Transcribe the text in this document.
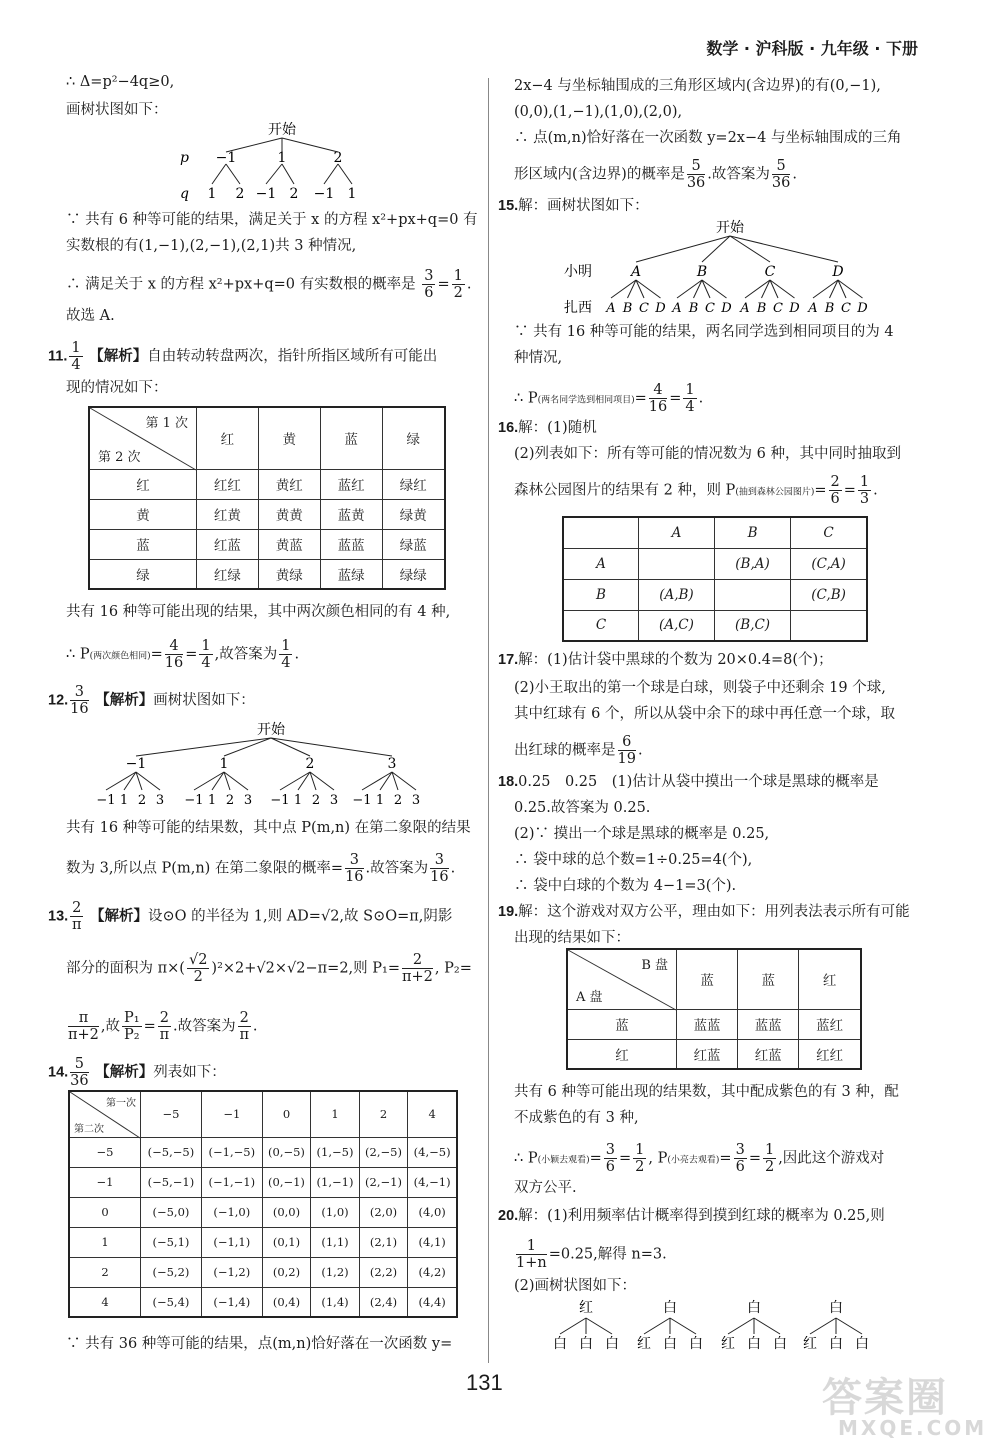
数学 · 沪科版 · 九年级 · 下册
∴ Δ=p²−4q≥0,
画树状图如下：
开始
p
q
−1	1	2
1 2 −1 2 −1 1
∵ 共有 6 种等可能的结果，满足关于 x 的方程 x²+px+q=0 有
实数根的有(1,−1),(2,−1),(2,1)共 3 种情况,
∴ 满足关于 x 的方程 x²+px+q=0 有实数根的概率是 $\frac{3}{6} = \frac{1}{2}$ .
故选 A.
11. $\frac{1}{4}$ 【解析】自由转动转盘两次，指针所指区域所有可能出
现的情况如下：
第 1 次
第 2 次	红	黄	蓝	绿
红	红红	黄红	蓝红	绿红
黄	红黄	黄黄	蓝黄	绿黄
蓝	红蓝	黄蓝	蓝蓝	绿蓝
绿	红绿	黄绿	蓝绿	绿绿
共有 16 种等可能出现的结果，其中两次颜色相同的有 4 种,
∴ P(两次颜色相同)= $\frac{4}{16} = \frac{1}{4}$ ,故答案为 $\frac{1}{4}$ .
12. $\frac{3}{16}$ 【解析】画树状图如下：
开始
−1
−1 1 2 3
1
−1 1 2 3
2
−1 1 2 3
3
−1 1 2 3
共有 16 种等可能的结果数，其中点 P(m,n) 在第二象限的结果
数为 3,所以点 P(m,n) 在第二象限的概率= $\frac{3}{16}$ .故答案为 $\frac{3}{16}$ .
13. $\frac{2}{\pi}$ 【解析】设⊙O 的半径为 1,则 AD=√2,故 S⊙O=π,阴影
部分的面积为 $\pi\times( \frac{√2}{2} )^2\times 2+√2\times√2-\pi=2$,则 $P_1= \frac{2}{\pi+2}$ , P₂=
$\frac{\pi}{\pi+2}$ ,故 $\frac{\text{P₁}}{\text{P₂}} = \frac{2}{\pi}$ .故答案为 $\frac{2}{\pi}$ .
14. $\frac{5}{36}$ 【解析】列表如下：
第一次
第二次	−5	−1	0	1	2	4
−5	(−5,−5)	(−1,−5)	(0,−5)	(1,−5)	(2,−5)	(4,−5)
−1	(−5,−1)	(−1,−1)	(0,−1)	(1,−1)	(2,−1)	(4,−1)
0	(−5,0)	(−1,0)	(0,0)	(1,0)	(2,0)	(4,0)
1	(−5,1)	(−1,1)	(0,1)	(1,1)	(2,1)	(4,1)
2	(−5,2)	(−1,2)	(0,2)	(1,2)	(2,2)	(4,2)
4	(−5,4)	(−1,4)	(0,4)	(1,4)	(2,4)	(4,4)
∵ 共有 36 种等可能的结果，点(m,n)恰好落在一次函数 y=
2x−4 与坐标轴围成的三角形区域内(含边界)的有(0,−1),
(0,0),(1,−1),(1,0),(2,0),
∴ 点(m,n)恰好落在一次函数 y=2x−4 与坐标轴围成的三角
形区域内(含边界)的概率是 $\frac{5}{36}$ .故答案为 $\frac{5}{36}$ .
15.解：画树状图如下：
开始
小明
扎西
A
A B C D
B
A B C D
C
A B C D
D
A B C D
∵ 共有 16 种等可能的结果，两名同学选到相同项目的为 4
种情况,
∴ P(两名同学选到相同项目)= $\frac{4}{16} = \frac{1}{4}$ .
16.解：(1)随机
(2)列表如下：所有等可能的情况数为 6 种，其中同时抽取到
森林公园图片的结果有 2 种，则 P(抽到森林公园图片)= $\frac{2}{6} = \frac{1}{3}$ .
	A	B	C
A		(B,A)	(C,A)
B	(A,B)		(C,B)
C	(A,C)	(B,C)	
17.解：(1)估计袋中黑球的个数为 20×0.4=8(个)；
(2)小王取出的第一个球是白球，则袋子中还剩余 19 个球,
其中红球有 6 个，所以从袋中余下的球中再任意一个球，取
出红球的概率是 $\frac{6}{19}$ .
18.0.25　0.25　(1)估计从袋中摸出一个球是黑球的概率是
0.25.故答案为 0.25.
(2)∵ 摸出一个球是黑球的概率是 0.25,
∴ 袋中球的总个数=1÷0.25=4(个),
∴ 袋中白球的个数为 4−1=3(个).
19.解：这个游戏对双方公平，理由如下：用列表法表示所有可能
出现的结果如下：
B 盘
A 盘	蓝	蓝	红
蓝	蓝蓝	蓝蓝	蓝红
红	红蓝	红蓝	红红
共有 6 种等可能出现的结果数，其中配成紫色的有 3 种，配
不成紫色的有 3 种,
∴ P(小颖去观看)= $\frac{3}{6} = \frac{1}{2}$ , P(小亮去观看)= $\frac{3}{6} = \frac{1}{2}$ ,因此这个游戏对
双方公平.
20.解：(1)利用频率估计概率得到摸到红球的概率为 0.25,则
$\frac{1}{1+n} =0.25$,解得 n=3.
(2)画树状图如下：
红
白 白 白
白
红 白 白
白
红 白 白
白
红 白 白
131	答案圈
MXQE.COM
